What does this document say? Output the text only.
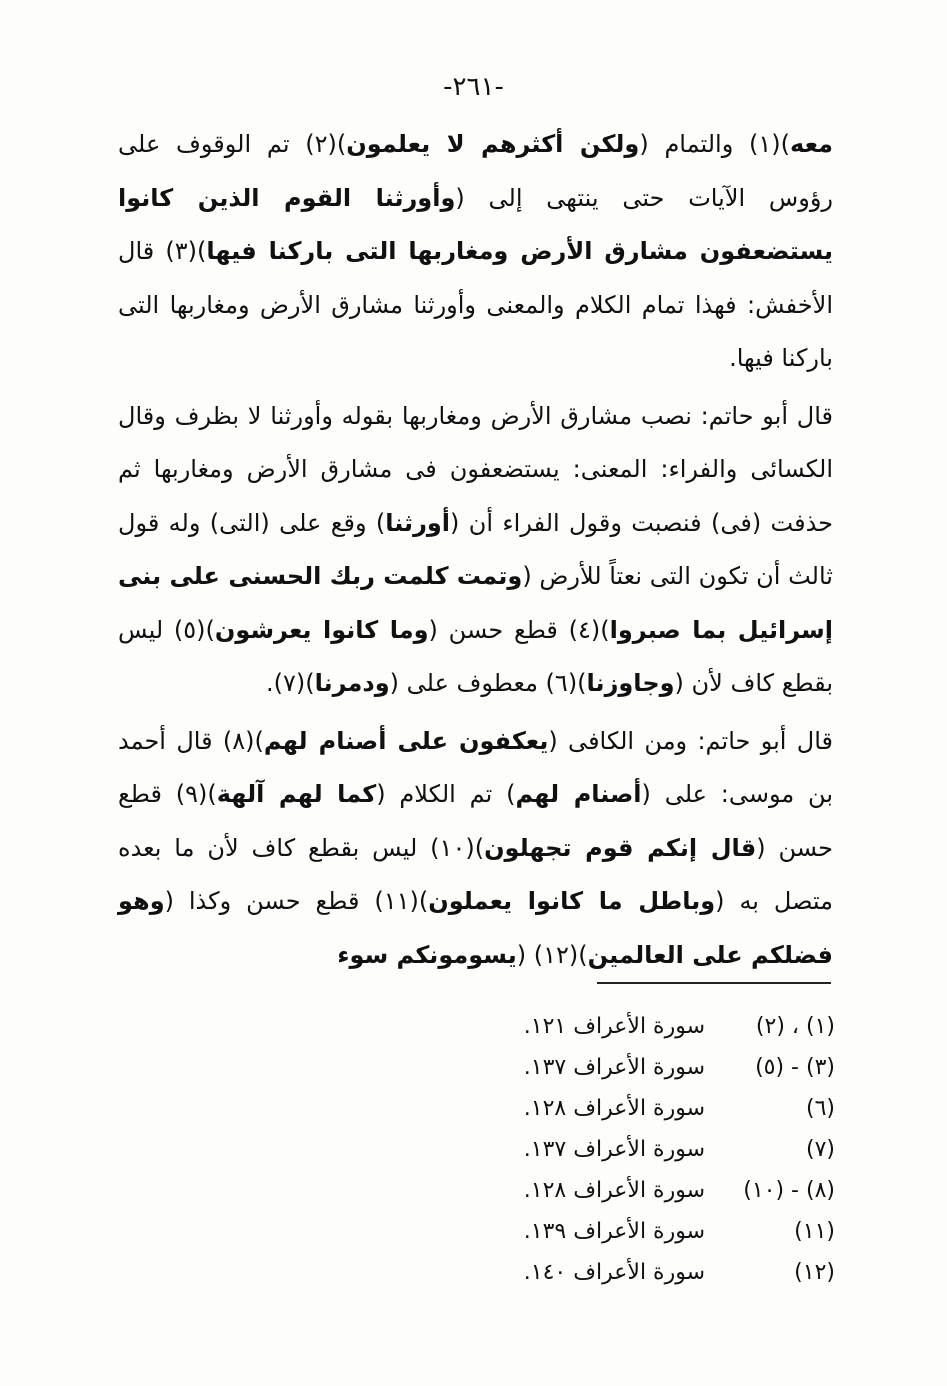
-٢٦١-

معه)(١) والتمام (ولكن أكثرهم لا يعلمون)(٢) تم الوقوف على رؤوس الآيات حتى ينتهى إلى (وأورثنا القوم الذين كانوا يستضعفون مشارق الأرض ومغاربها التى باركنا فيها)(٣) قال الأخفش: فهذا تمام الكلام والمعنى وأورثنا مشارق الأرض ومغاربها التى باركنا فيها.

قال أبو حاتم: نصب مشارق الأرض ومغاربها بقوله وأورثنا لا بظرف وقال الكسائى والفراء: المعنى: يستضعفون فى مشارق الأرض ومغاربها ثم حذفت (فى) فنصبت وقول الفراء أن (أورثنا) وقع على (التى) وله قول ثالث أن تكون التى نعتاً للأرض (وتمت كلمت ربك الحسنى على بنى إسرائيل بما صبروا)(٤) قطع حسن (وما كانوا يعرشون)(٥) ليس بقطع كاف لأن (وجاوزنا)(٦) معطوف على (ودمرنا)(٧).

قال أبو حاتم: ومن الكافى (يعكفون على أصنام لهم)(٨) قال أحمد بن موسى: على (أصنام لهم) تم الكلام (كما لهم آلهة)(٩) قطع حسن (قال إنكم قوم تجهلون)(١٠) ليس بقطع كاف لأن ما بعده متصل به (وباطل ما كانوا يعملون)(١١) قطع حسن وكذا (وهو فضلكم على العالمين)(١٢) (يسومونكم سوء

(١) ، (٢)
سورة الأعراف ١٢١.
(٣) - (٥)
سورة الأعراف ١٣٧.
(٦)
سورة الأعراف ١٢٨.
(٧)
سورة الأعراف ١٣٧.
(٨) - (١٠)
سورة الأعراف ١٢٨.
(١١)
سورة الأعراف ١٣٩.
(١٢)
سورة الأعراف ١٤٠.
